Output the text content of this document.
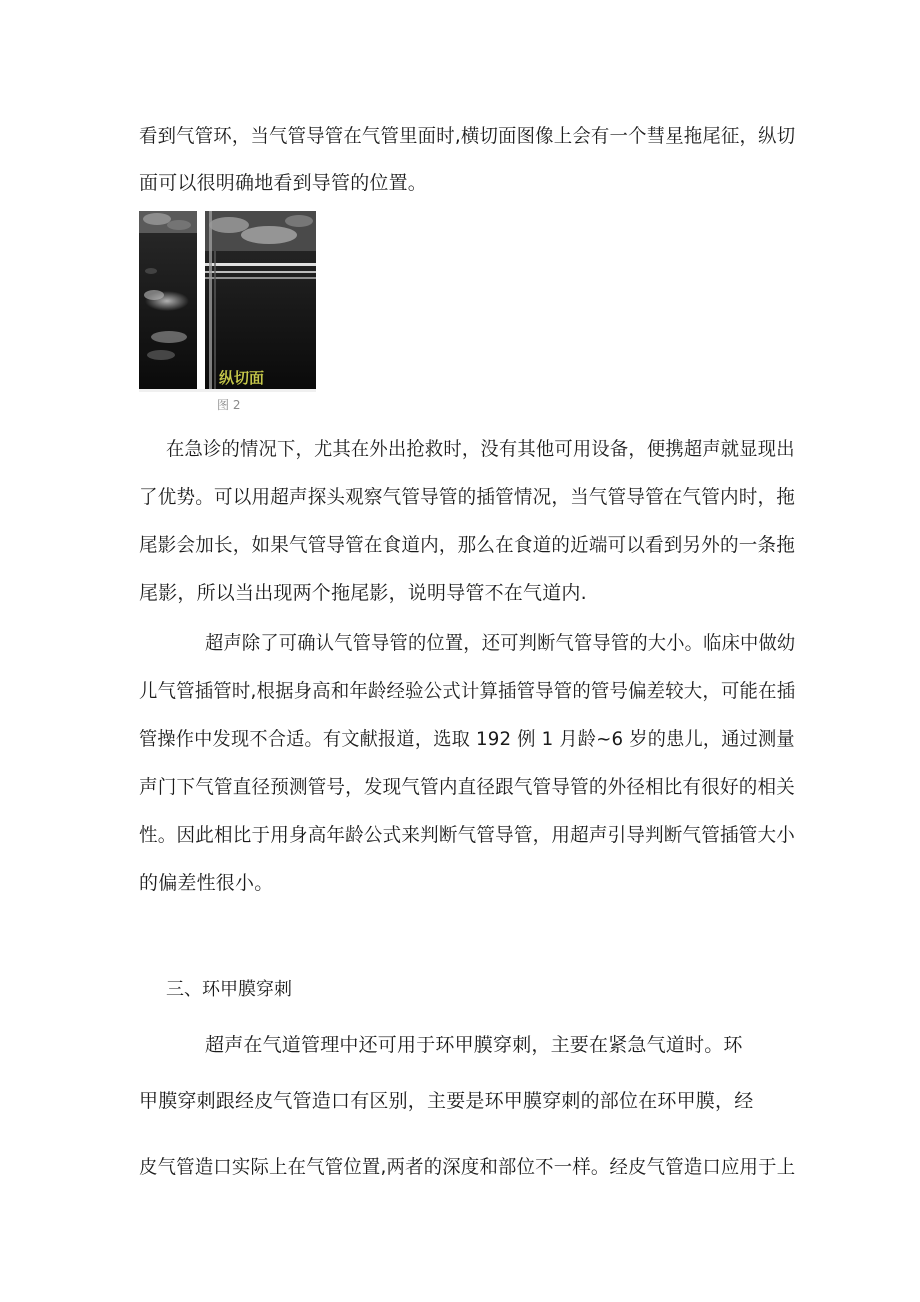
看到气管环，当气管导管在气管里面时,横切面图像上会有一个彗星拖尾征，纵切
面可以很明确地看到导管的位置。
纵切面
图 2
在急诊的情况下，尤其在外出抢救时，没有其他可用设备，便携超声就显现出
了优势。可以用超声探头观察气管导管的插管情况，当气管导管在气管内时，拖
尾影会加长，如果气管导管在食道内，那么在食道的近端可以看到另外的一条拖
尾影，所以当出现两个拖尾影，说明导管不在气道内.
超声除了可确认气管导管的位置，还可判断气管导管的大小。临床中做幼
儿气管插管时,根据身高和年龄经验公式计算插管导管的管号偏差较大，可能在插
管操作中发现不合适。有文献报道，选取 192 例 1 月龄~6 岁的患儿，通过测量
声门下气管直径预测管号，发现气管内直径跟气管导管的外径相比有很好的相关
性。因此相比于用身高年龄公式来判断气管导管，用超声引导判断气管插管大小
的偏差性很小。
三、环甲膜穿刺
超声在气道管理中还可用于环甲膜穿刺，主要在紧急气道时。环
甲膜穿刺跟经皮气管造口有区别，主要是环甲膜穿刺的部位在环甲膜，经
皮气管造口实际上在气管位置,两者的深度和部位不一样。经皮气管造口应用于上
